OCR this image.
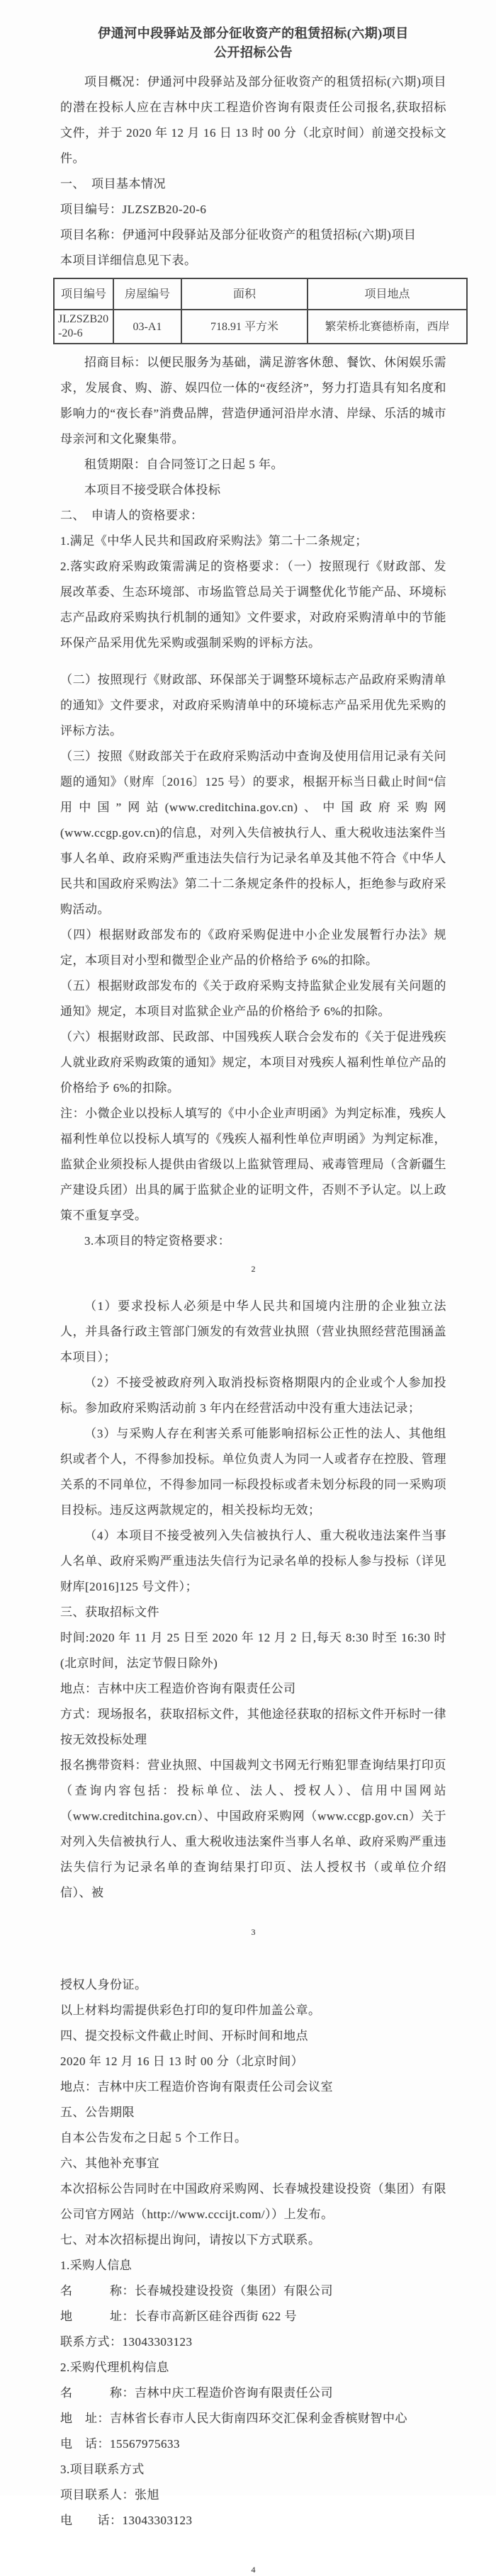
伊通河中段驿站及部分征收资产的租赁招标(六期)项目

公开招标公告

项目概况：伊通河中段驿站及部分征收资产的租赁招标(六期)项目的潜在投标人应在吉林中庆工程造价咨询有限责任公司报名,获取招标文件，并于 2020 年 12 月 16 日 13 时 00 分（北京时间）前递交投标文件。

一、　项目基本情况

项目编号：JLZSZB20-20-6

项目名称：伊通河中段驿站及部分征收资产的租赁招标(六期)项目

本项目详细信息见下表。

项目编号	房屋编号	面积	项目地点
JLZSZB20-20-6	03-A1	718.91 平方米	繁荣桥北赛德桥南，西岸

招商目标：以便民服务为基础，满足游客休憩、餐饮、休闲娱乐需求，发展食、购、游、娱四位一体的“夜经济”，努力打造具有知名度和影响力的“夜长春”消费品牌，营造伊通河沿岸水清、岸绿、乐活的城市母亲河和文化聚集带。

租赁期限：自合同签订之日起 5 年。

本项目不接受联合体投标

二、　申请人的资格要求：

1.满足《中华人民共和国政府采购法》第二十二条规定；

2.落实政府采购政策需满足的资格要求：（一）按照现行《财政部、发展改革委、生态环境部、市场监管总局关于调整优化节能产品、环境标志产品政府采购执行机制的通知》文件要求，对政府采购清单中的节能环保产品采用优先采购或强制采购的评标方法。

（二）按照现行《财政部、环保部关于调整环境标志产品政府采购清单的通知》文件要求，对政府采购清单中的环境标志产品采用优先采购的评标方法。

（三）按照《财政部关于在政府采购活动中查询及使用信用记录有关问题的通知》（财库〔2016〕125 号）的要求，根据开标当日截止时间“信用中国”网站(www.creditchina.gov.cn)、中国政府采购网(www.ccgp.gov.cn)的信息，对列入失信被执行人、重大税收违法案件当事人名单、政府采购严重违法失信行为记录名单及其他不符合《中华人民共和国政府采购法》第二十二条规定条件的投标人，拒绝参与政府采购活动。

（四）根据财政部发布的《政府采购促进中小企业发展暂行办法》规定，本项目对小型和微型企业产品的价格给予 6%的扣除。

（五）根据财政部发布的《关于政府采购支持监狱企业发展有关问题的通知》规定，本项目对监狱企业产品的价格给予 6%的扣除。

（六）根据财政部、民政部、中国残疾人联合会发布的《关于促进残疾人就业政府采购政策的通知》规定，本项目对残疾人福利性单位产品的价格给予 6%的扣除。

注：小微企业以投标人填写的《中小企业声明函》为判定标准，残疾人福利性单位以投标人填写的《残疾人福利性单位声明函》为判定标准，监狱企业须投标人提供由省级以上监狱管理局、戒毒管理局（含新疆生产建设兵团）出具的属于监狱企业的证明文件，否则不予认定。以上政策不重复享受。

3.本项目的特定资格要求：

2

（1）要求投标人必须是中华人民共和国境内注册的企业独立法人，并具备行政主管部门颁发的有效营业执照（营业执照经营范围涵盖本项目）；

（2）不接受被政府列入取消投标资格期限内的企业或个人参加投标。参加政府采购活动前 3 年内在经营活动中没有重大违法记录；

（3）与采购人存在利害关系可能影响招标公正性的法人、其他组织或者个人，不得参加投标。单位负责人为同一人或者存在控股、管理关系的不同单位，不得参加同一标段投标或者未划分标段的同一采购项目投标。违反这两款规定的，相关投标均无效；

（4）本项目不接受被列入失信被执行人、重大税收违法案件当事人名单、政府采购严重违法失信行为记录名单的投标人参与投标（详见财库[2016]125 号文件）；

三、获取招标文件

时间:2020 年 11 月 25 日至 2020 年 12 月 2 日,每天 8:30 时至 16:30 时(北京时间，法定节假日除外)

地点：吉林中庆工程造价咨询有限责任公司

方式：现场报名，获取招标文件，其他途径获取的招标文件开标时一律按无效投标处理

报名携带资料：营业执照、中国裁判文书网无行贿犯罪查询结果打印页（查询内容包括：投标单位、法人、授权人）、信用中国网站（www.creditchina.gov.cn）、中国政府采购网（www.ccgp.gov.cn）关于对列入失信被执行人、重大税收违法案件当事人名单、政府采购严重违法失信行为记录名单的查询结果打印页、法人授权书（或单位介绍信）、被

3

授权人身份证。

以上材料均需提供彩色打印的复印件加盖公章。

四、提交投标文件截止时间、开标时间和地点

2020 年 12 月 16 日 13 时 00 分（北京时间）

地点：吉林中庆工程造价咨询有限责任公司会议室

五、公告期限

自本公告发布之日起 5 个工作日。

六、其他补充事宜

本次招标公告同时在中国政府采购网、长春城投建设投资（集团）有限公司官方网站（http://www.cccijt.com/））上发布。

七、对本次招标提出询问，请按以下方式联系。

1.采购人信息

名　　　称：长春城投建设投资（集团）有限公司

地　　　址：长春市高新区硅谷西街 622 号

联系方式：13043303123

2.采购代理机构信息

名　　　称：吉林中庆工程造价咨询有限责任公司

地　址：吉林省长春市人民大街南四环交汇保利金香槟财智中心

电　话：15567975633

3.项目联系方式

项目联系人：张旭

电　　话：13043303123

4
